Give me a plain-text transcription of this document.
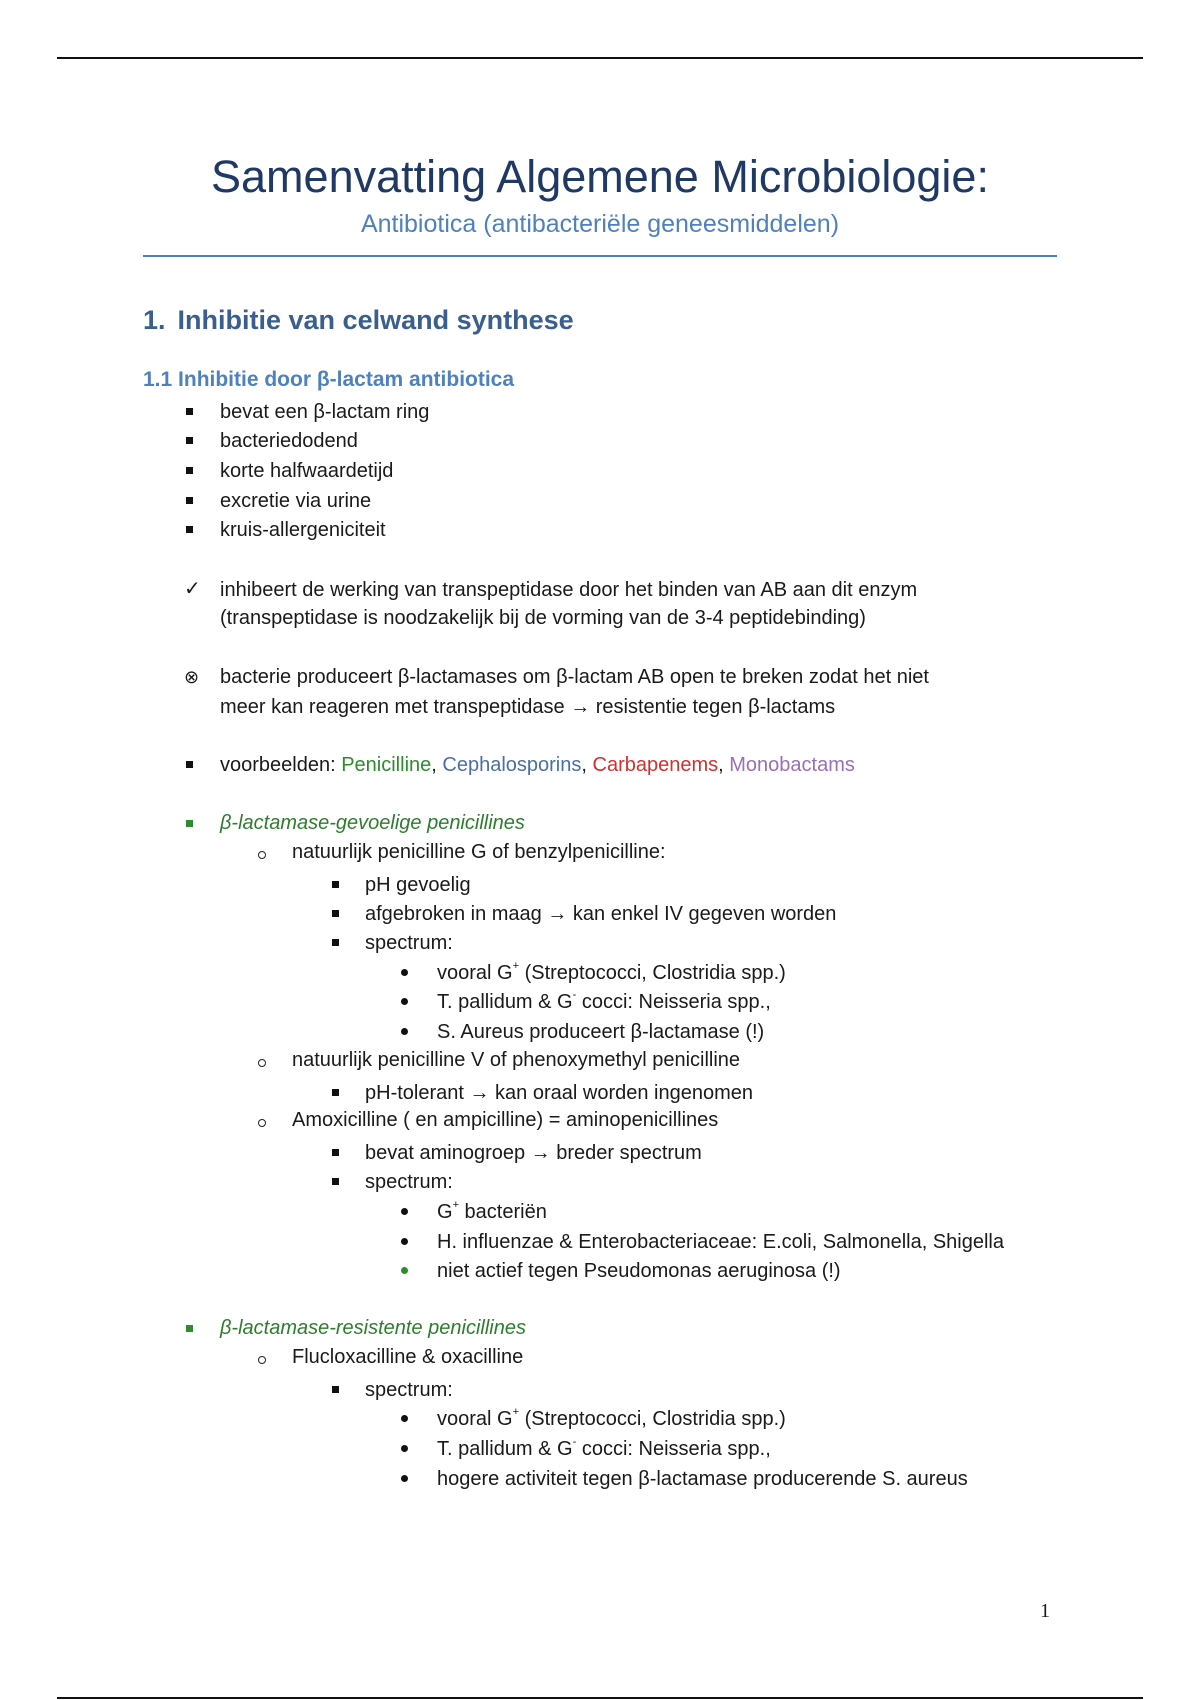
Samenvatting Algemene Microbiologie:
Antibiotica (antibacteriële geneesmiddelen)
1. Inhibitie van celwand synthese
1.1 Inhibitie door β-lactam antibiotica
bevat een β-lactam ring
bacteriedodend
korte halfwaardetijd
excretie via urine
kruis-allergeniciteit
✓ inhibeert de werking van transpeptidase door het binden van AB aan dit enzym
(transpeptidase is noodzakelijk bij de vorming van de 3-4 peptidebinding)
⊗ bacterie produceert β-lactamases om β-lactam AB open te breken zodat het niet
meer kan reageren met transpeptidase → resistentie tegen β-lactams
voorbeelden: Penicilline, Cephalosporins, Carbapenems, Monobactams
β-lactamase-gevoelige penicillines
natuurlijk penicilline G of benzylpenicilline:
pH gevoelig
afgebroken in maag → kan enkel IV gegeven worden
spectrum:
vooral G+ (Streptococci, Clostridia spp.)
T. pallidum & G- cocci: Neisseria spp.,
S. Aureus produceert β-lactamase (!)
natuurlijk penicilline V of phenoxymethyl penicilline
pH-tolerant → kan oraal worden ingenomen
Amoxicilline ( en ampicilline) = aminopenicillines
bevat aminogroep → breder spectrum
spectrum:
G+ bacteriën
H. influenzae & Enterobacteriaceae: E.coli, Salmonella, Shigella
niet actief tegen Pseudomonas aeruginosa (!)
β-lactamase-resistente penicillines
Flucloxacilline & oxacilline
spectrum:
vooral G+ (Streptococci, Clostridia spp.)
T. pallidum & G- cocci: Neisseria spp.,
hogere activiteit tegen β-lactamase producerende S. aureus
1
